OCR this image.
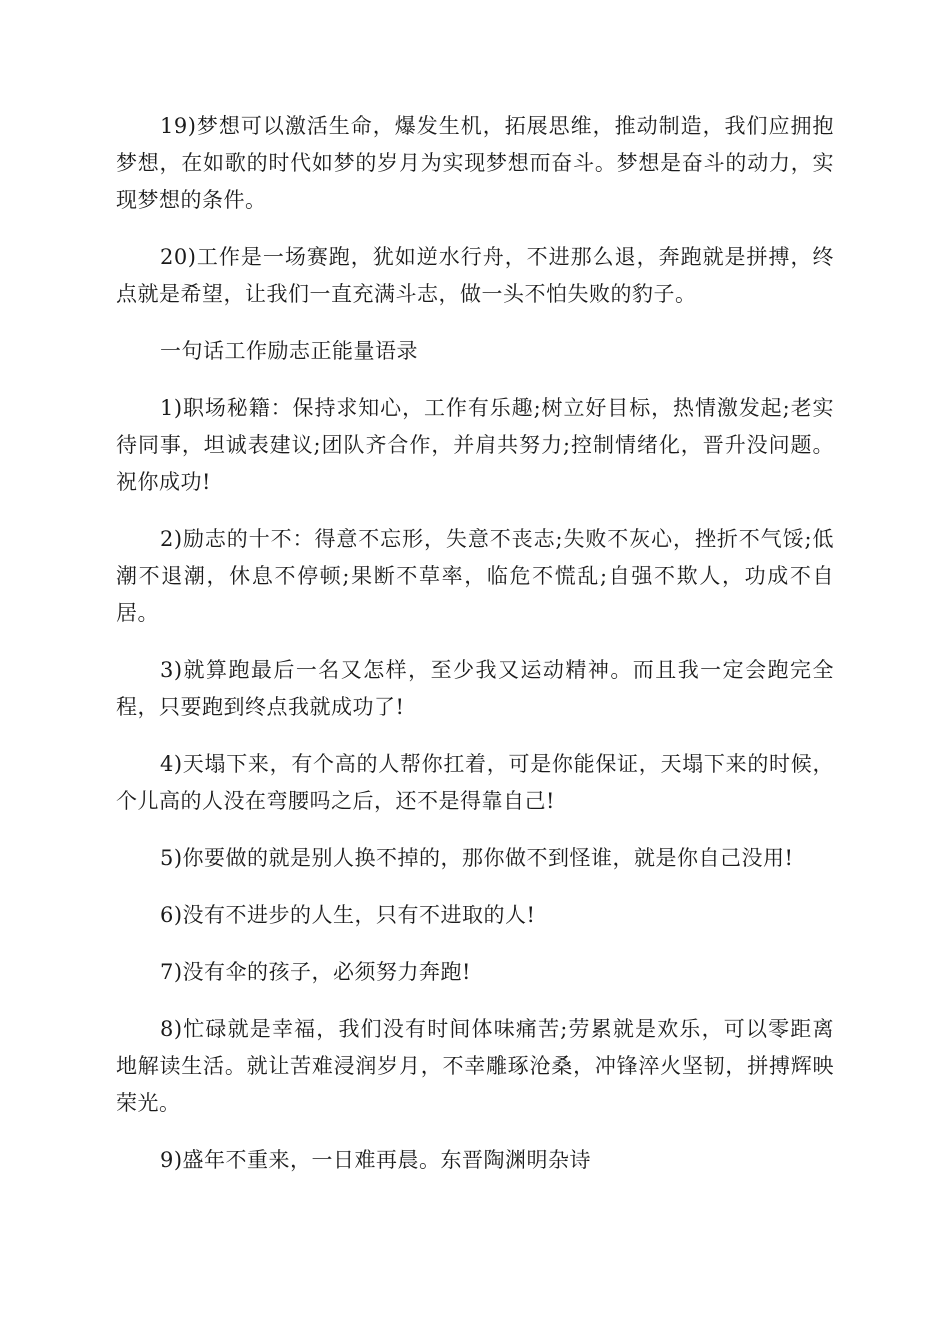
19)梦想可以激活生命，爆发生机，拓展思维，推动制造，我们应拥抱梦想，在如歌的时代如梦的岁月为实现梦想而奋斗。梦想是奋斗的动力，实现梦想的条件。

20)工作是一场赛跑，犹如逆水行舟，不进那么退，奔跑就是拼搏，终点就是希望，让我们一直充满斗志，做一头不怕失败的豹子。

一句话工作励志正能量语录

1)职场秘籍：保持求知心，工作有乐趣;树立好目标，热情激发起;老实待同事，坦诚表建议;团队齐合作，并肩共努力;控制情绪化，晋升没问题。祝你成功!

2)励志的十不：得意不忘形，失意不丧志;失败不灰心，挫折不气馁;低潮不退潮，休息不停顿;果断不草率，临危不慌乱;自强不欺人，功成不自居。

3)就算跑最后一名又怎样，至少我又运动精神。而且我一定会跑完全程，只要跑到终点我就成功了!

4)天塌下来，有个高的人帮你扛着，可是你能保证，天塌下来的时候，个儿高的人没在弯腰吗之后，还不是得靠自己!

5)你要做的就是别人换不掉的，那你做不到怪谁，就是你自己没用!

6)没有不进步的人生，只有不进取的人!

7)没有伞的孩子，必须努力奔跑!

8)忙碌就是幸福，我们没有时间体味痛苦;劳累就是欢乐，可以零距离地解读生活。就让苦难浸润岁月，不幸雕琢沧桑，冲锋淬火坚韧，拼搏辉映荣光。

9)盛年不重来，一日难再晨。东晋陶渊明杂诗
